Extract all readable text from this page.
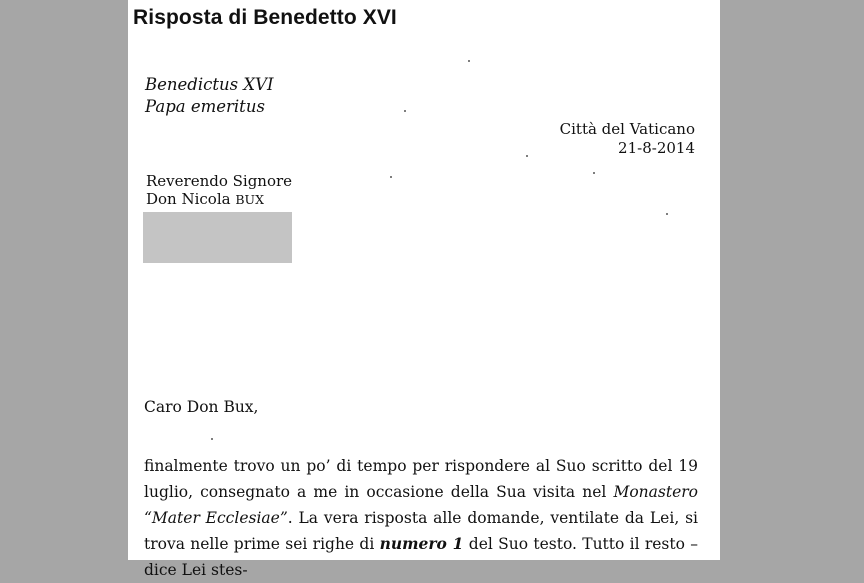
Risposta di Benedetto XVI
Benedictus XVI
Papa emeritus
Città del Vaticano
21-8-2014
Reverendo Signore
Don Nicola BUX
Caro Don Bux,

finalmente trovo un po’ di tempo per rispondere al Suo scritto del 19 luglio, consegnato a me in occasione della Sua visita nel Monastero “Mater Ecclesiae”. La vera risposta alle domande, ventilate da Lei, si trova nelle prime sei righe di numero 1 del Suo testo. Tutto il resto – dice Lei stes-
